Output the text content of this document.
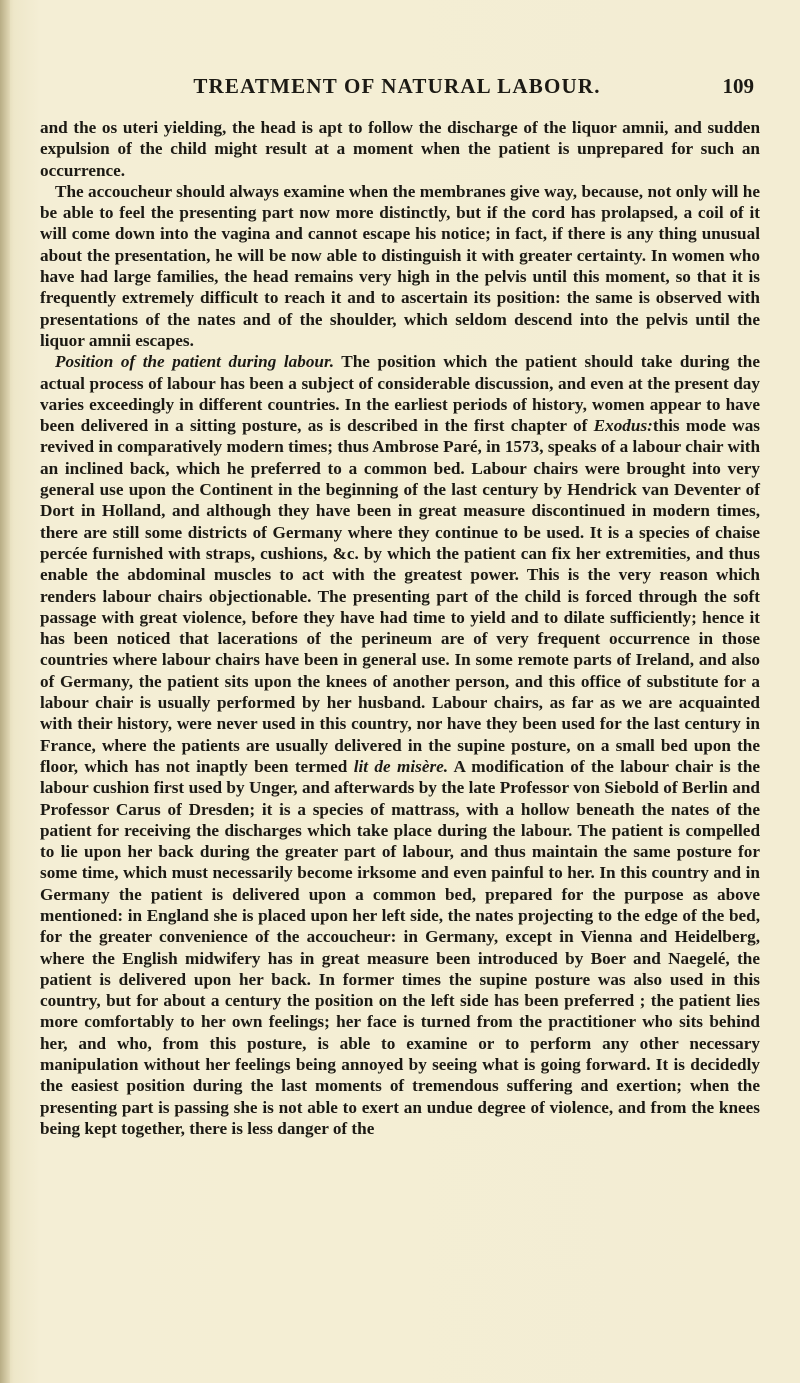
TREATMENT OF NATURAL LABOUR.	109

and the os uteri yielding, the head is apt to follow the discharge of the liquor amnii, and sudden expulsion of the child might result at a moment when the patient is unprepared for such an occurrence.

The accoucheur should always examine when the membranes give way, because, not only will he be able to feel the presenting part now more distinctly, but if the cord has prolapsed, a coil of it will come down into the vagina and cannot escape his notice; in fact, if there is any thing unusual about the presentation, he will be now able to distinguish it with greater certainty. In women who have had large families, the head remains very high in the pelvis until this moment, so that it is frequently extremely difficult to reach it and to ascertain its position: the same is observed with presentations of the nates and of the shoulder, which seldom descend into the pelvis until the liquor amnii escapes.

Position of the patient during labour. The position which the patient should take during the actual process of labour has been a subject of considerable discussion, and even at the present day varies exceedingly in different countries. In the earliest periods of history, women appear to have been delivered in a sitting posture, as is described in the first chapter of Exodus:this mode was revived in comparatively modern times; thus Ambrose Paré, in 1573, speaks of a labour chair with an inclined back, which he preferred to a common bed. Labour chairs were brought into very general use upon the Continent in the beginning of the last century by Hendrick van Deventer of Dort in Holland, and although they have been in great measure discontinued in modern times, there are still some districts of Germany where they continue to be used. It is a species of chaise percée furnished with straps, cushions, &c. by which the patient can fix her extremities, and thus enable the abdominal muscles to act with the greatest power. This is the very reason which renders labour chairs objectionable. The presenting part of the child is forced through the soft passage with great violence, before they have had time to yield and to dilate sufficiently; hence it has been noticed that lacerations of the perineum are of very frequent occurrence in those countries where labour chairs have been in general use. In some remote parts of Ireland, and also of Germany, the patient sits upon the knees of another person, and this office of substitute for a labour chair is usually performed by her husband. Labour chairs, as far as we are acquainted with their history, were never used in this country, nor have they been used for the last century in France, where the patients are usually delivered in the supine posture, on a small bed upon the floor, which has not inaptly been termed lit de misère. A modification of the labour chair is the labour cushion first used by Unger, and afterwards by the late Professor von Siebold of Berlin and Professor Carus of Dresden; it is a species of mattrass, with a hollow beneath the nates of the patient for receiving the discharges which take place during the labour. The patient is compelled to lie upon her back during the greater part of labour, and thus maintain the same posture for some time, which must necessarily become irksome and even painful to her. In this country and in Germany the patient is delivered upon a common bed, prepared for the purpose as above mentioned: in England she is placed upon her left side, the nates projecting to the edge of the bed, for the greater convenience of the accoucheur: in Germany, except in Vienna and Heidelberg, where the English midwifery has in great measure been introduced by Boer and Naegelé, the patient is delivered upon her back. In former times the supine posture was also used in this country, but for about a century the position on the left side has been preferred ; the patient lies more comfortably to her own feelings; her face is turned from the practitioner who sits behind her, and who, from this posture, is able to examine or to perform any other necessary manipulation without her feelings being annoyed by seeing what is going forward. It is decidedly the easiest position during the last moments of tremendous suffering and exertion; when the presenting part is passing she is not able to exert an undue degree of violence, and from the knees being kept together, there is less danger of the
